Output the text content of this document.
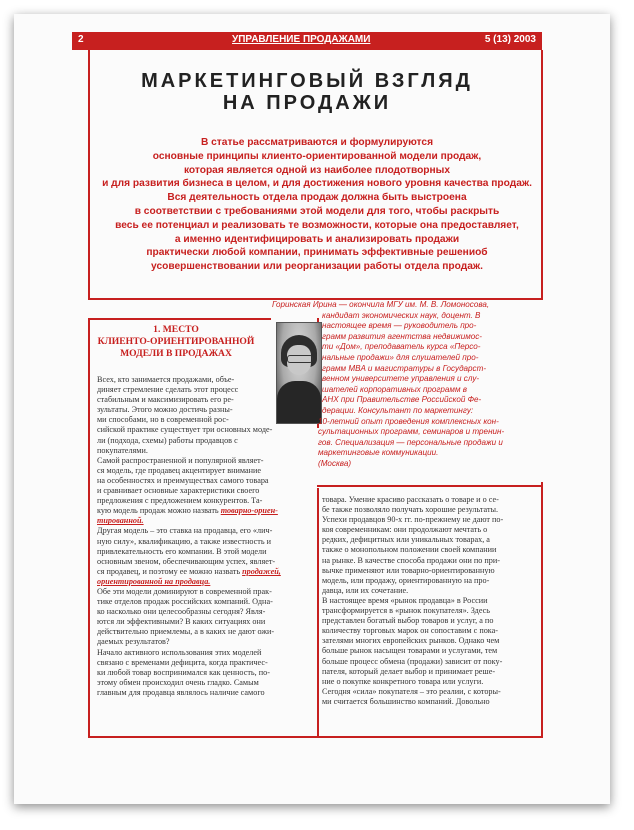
2	УПРАВЛЕНИЕ ПРОДАЖАМИ	5 (13) 2003
МАРКЕТИНГОВЫЙ ВЗГЛЯД
НА ПРОДАЖИ
В статье рассматриваются и формулируются
основные принципы клиенто-ориентированной модели продаж,
которая является одной из наиболее плодотворных
и для развития бизнеса в целом, и для достижения нового уровня качества продаж.
Вся деятельность отдела продаж должна быть выстроена
в соответствии с требованиями этой модели для того, чтобы раскрыть
весь ее потенциал и реализовать те возможности, которые она предоставляет,
а именно идентифицировать и анализировать продажи
практически любой компании, принимать эффективные решениоб
усовершенствовании или реорганизации работы отдела продаж.
Горинская Ирина — окончила МГУ им. М. В. Ломоносова,
кандидат экономических наук, доцент. В
настоящее время — руководитель про-
грамм развития агентства недвижимос-
ти «Дом», преподаватель курса «Персо-
нальные продажи» для слушателей про-
грамм MBA и магистратуры в Государст-
венном университете управления и слу-
шателей корпоративных программ в
АНХ при Правительстве Российской Фе-
дерации. Консультант по маркетингу:
10-летний опыт проведения комплексных кон-
сультационных программ, семинаров и тренин-
гов. Специализация — персональные продажи и
маркетинговые коммуникации.
(Москва)
1. МЕСТО
КЛИЕНТО-ОРИЕНТИРОВАННОЙ
МОДЕЛИ В ПРОДАЖАХ
Всех, кто занимается продажами, объе-
диняет стремление сделать этот процесс
стабильным и максимизировать его ре-
зультаты. Этого можно достичь разны-
ми способами, но в современной рос-
сийской практике существует три основных моде-
ли (подхода, схемы) работы продавцов с
покупателями.
Самой распространенной и популярной являет-
ся модель, где продавец акцентирует внимание
на особенностях и преимуществах самого товара
и сравнивает основные характеристики своего
предложения с предложением конкурентов. Та-
кую модель продаж можно назвать товарно-ориен-
тированной.
Другая модель – это ставка на продавца, его «лич-
ную силу», квалификацию, а также известность и
привлекательность его компании. В этой модели
основным звеном, обеспечивающим успех, являет-
ся продавец, и поэтому ее можно назвать продажей,
ориентированной на продавца.
Обе эти модели доминируют в современной прак-
тике отделов продаж российских компаний. Одна-
ко насколько они целесообразны сегодня? Явля-
ются ли эффективными? В каких ситуациях они
действительно приемлемы, а в каких не дают ожи-
даемых результатов?
Начало активного использования этих моделей
связано с временами дефицита, когда практичес-
ки любой товар воспринимался как ценность, по-
этому обмен происходил очень гладко. Самым
главным для продавца являлось наличие самого
товара. Умение красиво рассказать о товаре и о се-
бе также позволяло получать хорошие результаты.
Успехи продавцов 90-х гг. по-прежнему не дают по-
коя современникам: они продолжают мечтать о
редких, дефицитных или уникальных товарах, а
также о монопольном положении своей компании
на рынке. В качестве способа продажи они по при-
вычке применяют или товарно-ориентированную
модель, или продажу, ориентированную на про-
давца, или их сочетание.
В настоящее время «рынок продавца» в России
трансформируется в «рынок покупателя». Здесь
представлен богатый выбор товаров и услуг, а по
количеству торговых марок он сопоставим с пока-
зателями многих европейских рынков. Однако чем
больше рынок насыщен товарами и услугами, тем
больше процесс обмена (продажи) зависит от поку-
пателя, который делает выбор и принимает реше-
ние о покупке конкретного товара или услуги.
Сегодня «сила» покупателя – это реалии, с которы-
ми считается большинство компаний. Довольно
